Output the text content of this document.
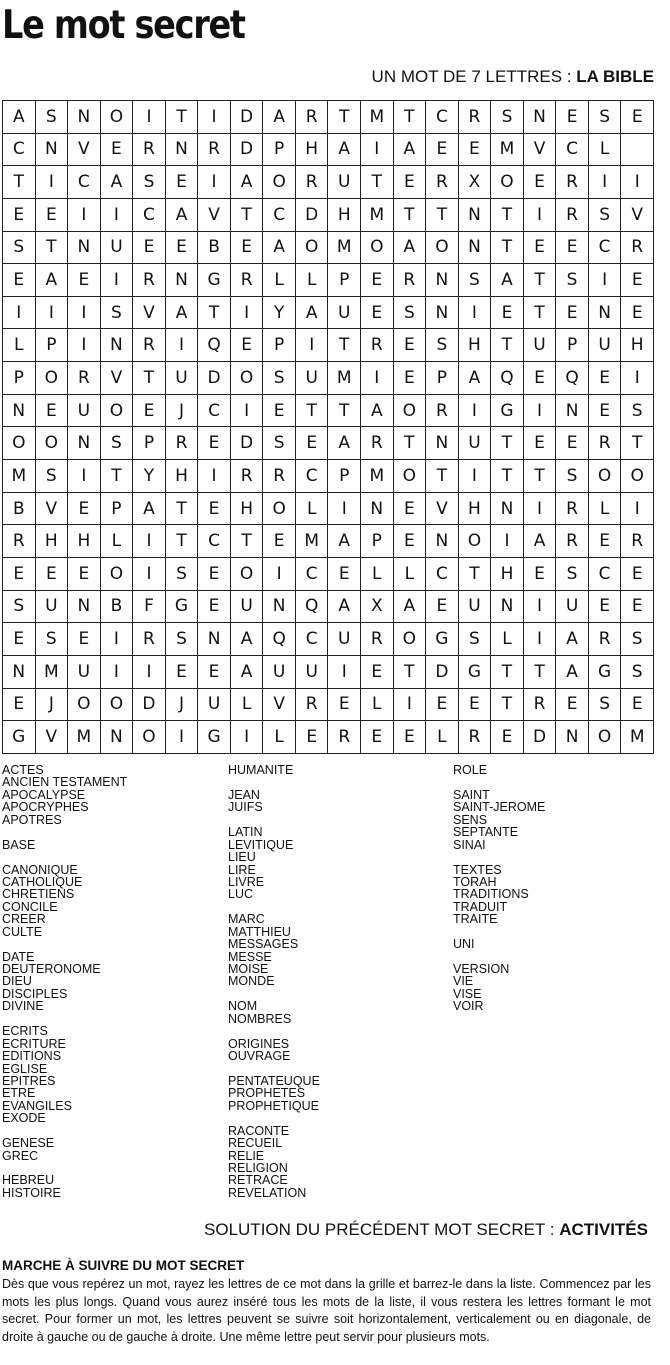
Le mot secret
UN MOT DE 7 LETTRES : LA BIBLE
A	S	N	O	I	T	I	D	A	R	T	M	T	C	R	S	N	E	S	E
C	N	V	E	R	N	R	D	P	H	A	I	A	E	E	M	V	C	L	
T	I	C	A	S	E	I	A	O	R	U	T	E	R	X	O	E	R	I	I
E	E	I	I	C	A	V	T	C	D	H	M	T	T	N	T	I	R	S	V
S	T	N	U	E	E	B	E	A	O	M	O	A	O	N	T	E	E	C	R
E	A	E	I	R	N	G	R	L	L	P	E	R	N	S	A	T	S	I	E
I	I	I	S	V	A	T	I	Y	A	U	E	S	N	I	E	T	E	N	E
L	P	I	N	R	I	Q	E	P	I	T	R	E	S	H	T	U	P	U	H
P	O	R	V	T	U	D	O	S	U	M	I	E	P	A	Q	E	Q	E	I
N	E	U	O	E	J	C	I	E	T	T	A	O	R	I	G	I	N	E	S
O	O	N	S	P	R	E	D	S	E	A	R	T	N	U	T	E	E	R	T
M	S	I	T	Y	H	I	R	R	C	P	M	O	T	I	T	T	S	O	O
B	V	E	P	A	T	E	H	O	L	I	N	E	V	H	N	I	R	L	I
R	H	H	L	I	T	C	T	E	M	A	P	E	N	O	I	A	R	E	R
E	E	E	O	I	S	E	O	I	C	E	L	L	C	T	H	E	S	C	E
S	U	N	B	F	G	E	U	N	Q	A	X	A	E	U	N	I	U	E	E
E	S	E	I	R	S	N	A	Q	C	U	R	O	G	S	L	I	A	R	S
N	M	U	I	I	E	E	A	U	U	I	E	T	D	G	T	T	A	G	S
E	J	O	O	D	J	U	L	V	R	E	L	I	E	E	T	R	E	S	E
G	V	M	N	O	I	G	I	L	E	R	E	E	L	R	E	D	N	O	M
ACTES
ANCIEN TESTAMENT
APOCALYPSE
APOCRYPHES
APOTRES
BASE
CANONIQUE
CATHOLIQUE
CHRETIENS
CONCILE
CREER
CULTE
DATE
DEUTERONOME
DIEU
DISCIPLES
DIVINE
ECRITS
ECRITURE
EDITIONS
EGLISE
EPITRES
ETRE
EVANGILES
EXODE
GENESE
GREC
HEBREU
HISTOIRE
HUMANITE
JEAN
JUIFS
LATIN
LEVITIQUE
LIEU
LIRE
LIVRE
LUC
MARC
MATTHIEU
MESSAGES
MESSE
MOISE
MONDE
NOM
NOMBRES
ORIGINES
OUVRAGE
PENTATEUQUE
PROPHETES
PROPHETIQUE
RACONTE
RECUEIL
RELIE
RELIGION
RETRACE
REVELATION
ROLE
SAINT
SAINT-JEROME
SENS
SEPTANTE
SINAI
TEXTES
TORAH
TRADITIONS
TRADUIT
TRAITE
UNI
VERSION
VIE
VISE
VOIR
SOLUTION DU PRÉCÉDENT MOT SECRET : ACTIVITÉS
MARCHE À SUIVRE DU MOT SECRET

Dès que vous repérez un mot, rayez les lettres de ce mot dans la grille et barrez-le dans la liste. Commencez par les mots les plus longs. Quand vous aurez inséré tous les mots de la liste, il vous restera les lettres formant le mot secret. Pour former un mot, les lettres peuvent se suivre soit horizontalement, verticalement ou en diagonale, de droite à gauche ou de gauche à droite. Une même lettre peut servir pour plusieurs mots.
